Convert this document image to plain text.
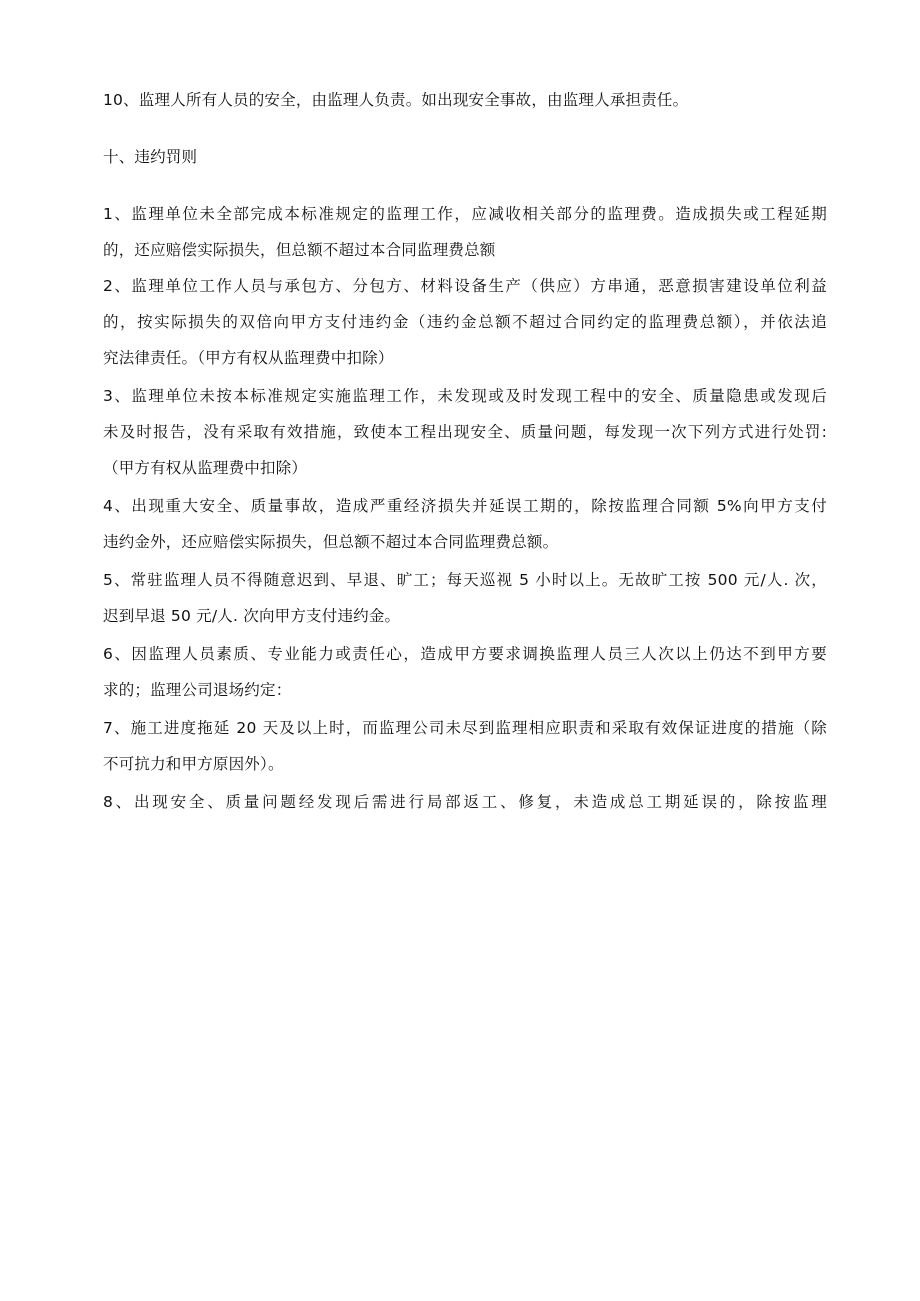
10、监理人所有人员的安全，由监理人负责。如出现安全事故，由监理人承担责任。
十、违约罚则
1、监理单位未全部完成本标准规定的监理工作，应减收相关部分的监理费。造成损失或工程延期
的，还应赔偿实际损失，但总额不超过本合同监理费总额
2、监理单位工作人员与承包方、分包方、材料设备生产（供应）方串通，恶意损害建设单位利益
的，按实际损失的双倍向甲方支付违约金（违约金总额不超过合同约定的监理费总额），并依法追
究法律责任。（甲方有权从监理费中扣除）
3、监理单位未按本标准规定实施监理工作，未发现或及时发现工程中的安全、质量隐患或发现后
未及时报告，没有采取有效措施，致使本工程出现安全、质量问题，每发现一次下列方式进行处罚:
（甲方有权从监理费中扣除）
4、出现重大安全、质量事故，造成严重经济损失并延误工期的，除按监理合同额 5%向甲方支付
违约金外，还应赔偿实际损失，但总额不超过本合同监理费总额。
5、常驻监理人员不得随意迟到、早退、旷工；每天巡视 5 小时以上。无故旷工按 500 元/人. 次，
迟到早退 50 元/人. 次向甲方支付违约金。
6、因监理人员素质、专业能力或责任心，造成甲方要求调换监理人员三人次以上仍达不到甲方要
求的；监理公司退场约定：
7、施工进度拖延 20 天及以上时，而监理公司未尽到监理相应职责和采取有效保证进度的措施（除
不可抗力和甲方原因外）。
8、出现安全、质量问题经发现后需进行局部返工、修复，未造成总工期延误的，除按监理
